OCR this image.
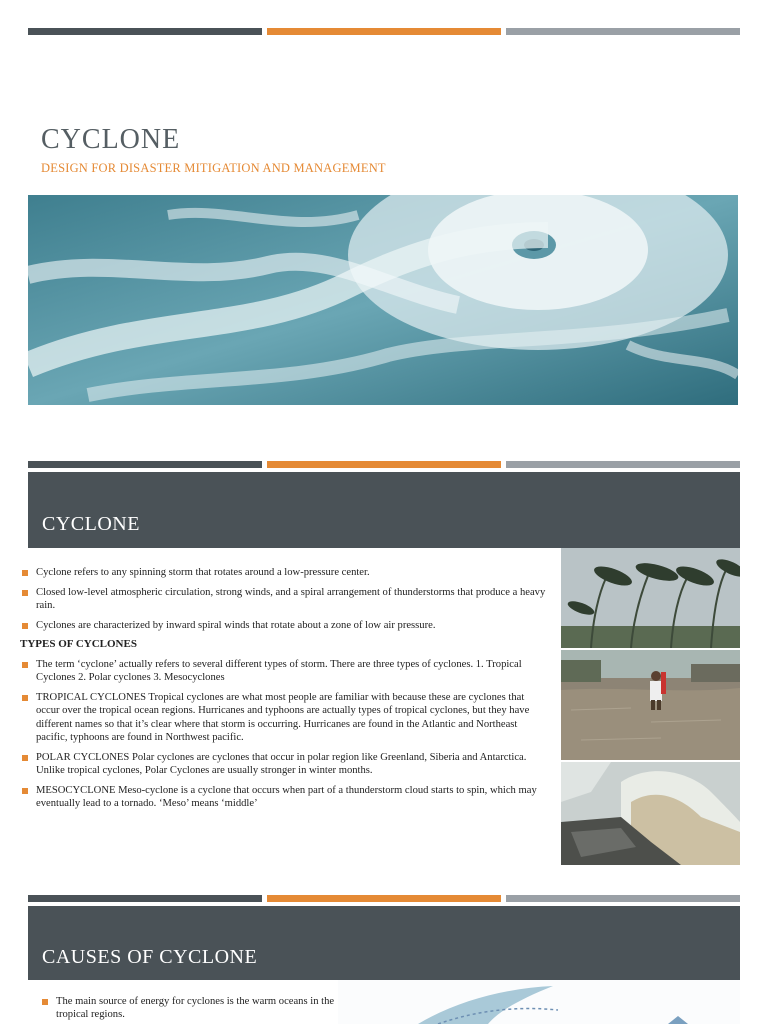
CYCLONE
DESIGN FOR DISASTER MITIGATION AND MANAGEMENT
CYCLONE
Cyclone refers to any spinning storm that rotates around a low-pressure center.
Closed low-level atmospheric circulation, strong winds, and a spiral arrangement of thunderstorms that produce a heavy rain.
Cyclones are characterized by inward spiral winds that rotate about a zone of low air pressure.
TYPES OF CYCLONES
The term ‘cyclone’ actually refers to several different types of storm. There are three types of cyclones. 1. Tropical Cyclones 2. Polar cyclones 3. Mesocyclones
TROPICAL CYCLONES Tropical cyclones are what most people are familiar with because these are cyclones that occur over the tropical ocean regions. Hurricanes and typhoons are actually types of tropical cyclones, but they have different names so that it’s clear where that storm is occurring. Hurricanes are found in the Atlantic and Northeast pacific, typhoons are found in Northwest pacific.
POLAR CYCLONES Polar cyclones are cyclones that occur in polar region like Greenland, Siberia and Antarctica. Unlike tropical cyclones, Polar Cyclones are usually stronger in winter months.
MESOCYCLONE Meso-cyclone is a cyclone that occurs when part of a thunderstorm cloud starts to spin, which may eventually lead to a tornado. ‘Meso’ means ‘middle’
CAUSES OF CYCLONE
The main source of energy for cyclones is the warm oceans in the tropical regions.
